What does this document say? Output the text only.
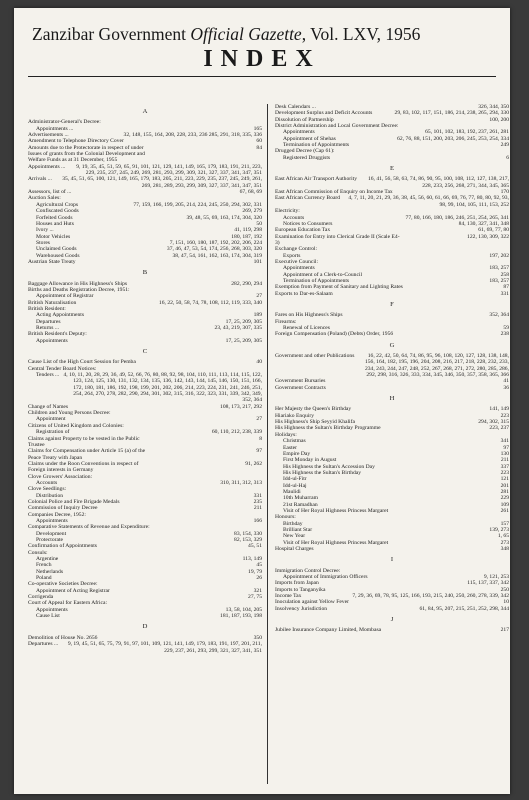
Zanzibar Government Official Gazette, Vol. LXV, 1956
INDEX
A
Administrator-General's Decree:
Appointments ...	165
Advertisements ...	32, 148, 155, 164, 208, 228, 233, 236 285, 291, 318, 335, 336
Amendment to Telephone Directory Cover	60
Amounts due to the Protectorate in respect of under Issues of grants from the Colonial Development and Welfare Funds as at 31 December, 1955
84
Appointments ...	9, 19, 35, 45, 51, 59, 65, 91, 101, 121, 129, 141, 149, 165, 179, 183, 191, 211, 223, 229, 235, 237, 245, 249, 269, 281, 293, 299, 309, 321, 327, 337, 341, 347, 351
Arrivals ...	35, 45, 51, 65, 100, 121, 149, 165, 179, 183, 205, 211, 223, 229, 235, 237, 245, 249, 261, 269, 281, 289, 293, 299, 309, 327, 337, 341, 347, 351
Assessors, list of ...	67, 68, 69
Auction Sales:
Agricultural Crops	77, 159, 166, 199, 205, 214, 224, 245, 250, 294, 302, 331
Confiscated Goods	269, 279
Forfeited Goods	39, 48, 55, 69, 163, 174, 304, 320
Houses and Huts	50
Ivory ...	41, 119, 298
Motor Vehicles	180, 187, 192
Stores	7, 151, 160, 180, 187, 192, 202, 206, 224
Unclaimed Goods	37, 46, 47, 53, 54, 174, 256, 268, 303, 320
Warehoused Goods	38, 47, 54, 161, 162, 163, 174, 304, 319
Austrian State Treaty	101
B
Baggage Allowance in His Highness's Ships	282, 290, 294
Births and Deaths Registration Decree, 1951:
Appointment of Registrar	27
British Naturalisation	16, 22, 50, 58, 74, 78, 108, 112, 119, 333, 340
British Resident:
Acting Appointments	189
Departures	17, 25, 209, 305
Returns ...	23, 43, 219, 307, 335
British Resident's Deputy:
Appointments	17, 25, 209, 305
C
Cause List of the High Court Session for Pemba	40
Central Tender Board Notices:
Tenders ... 4, 10, 11, 20, 28, 29, 36, 49, 52, 66, 76, 80, 88, 92, 98, 104, 110, 111, 113, 114, 115, 122, 123, 124, 125, 130, 131, 132, 134, 135, 136, 142, 143, 144, 145, 146, 150, 151, 166, 172, 180, 181, 186, 192, 198, 199, 201, 202, 206, 214, 223, 224, 231, 241, 246, 251, 254, 264, 270, 278, 282, 290, 294, 301, 302, 315, 316, 322, 323, 331, 339, 342, 349, 352, 364
Change of Names	108, 173, 217, 292
Children and Young Persons Decree:
Appointment	27
Citizens of United Kingdom and Colonies:
Registration of	60, 110, 212, 238, 339
Claims against Property to be vested in the Public Trustee
8
Claims for Compensation under Article 15 (a) of the Peace Treaty with Japan
97
Claims under the Roon Conventions in respect of Foreign interests in Germany
91, 262
Clove Growers' Association:
Accounts	310, 311, 312, 313
Clove Seedlings:
Distribution	331
Colonial Police and Fire Brigade Medals	235
Commission of Inquiry Decree	211
Companies Decree, 1952:
Appointments	166
Comparative Statements of Revenue and Expenditure:
Development	83, 154, 330
Protectorate	82, 153, 329
Confirmation of Appointments	45, 51
Consuls:
Argentine	113, 149
French	45
Netherlands	19, 79
Poland	26
Co-operative Societies Decree:
Appointment of Acting Registrar	321
Corrigenda	27, 75
Court of Appeal for Eastern Africa:
Appointments	13, 58, 104, 205
Cause List	181, 187, 193, 198
D
Demolition of House No. 2656	350
Departures ...	9, 19, 45, 51, 65, 75, 79, 91, 97, 101, 109, 121, 141, 149, 179, 183, 191, 197, 201, 211, 229, 237, 261, 293, 299, 321, 327, 341, 351
Desk Calendars ...	326, 344, 350
Development Surplus and Deficit Accounts	29, 83, 102, 117, 151, 186, 214, 238, 265, 294, 330
Dissolution of Partnership	100, 200
District Administration and Local Government Decree:
Appointments	65, 101, 102, 183, 192, 237, 261, 281
Appointment of Shehas	62, 76, 88, 151, 200, 203, 206, 245, 253, 254, 334
Termination of Appointments	249
Drugged Decree (Cap 61):
Registered Druggists	6
E
East African Air Transport Authority	16, 41, 56, 58, 63, 74, 86, 90, 95, 100, 108, 112, 127, 138, 217, 228, 233, 256, 268, 271, 344, 345, 365
East African Commission of Enquiry on Income Tax	170
East African Currency Board	4, 7, 11, 20, 21, 29, 36, 38, 45, 56, 60, 61, 66, 69, 76, 77, 80, 80, 92, 93, 98, 99, 104, 105, 111, 153, 252
Electricity:
Accounts	77, 80, 166, 180, 186, 246, 251, 254, 265, 341
Notices to Consumers	84, 130, 327, 341, 348
European Education Tax	61, 69, 77, 80
Examination for Entry into Clerical Grade II (Scale E4-3)
122, 130, 309, 322
Exchange Control:
Exports	197, 202
Executive Council:
Appointments	183, 257
Appointment of a Clerk-to-Council	258
Termination of Appointments	183, 257
Exemption from Payment of Sanitary and Lighting Rates	87
Exports to Dar-es-Salaam	331
F
Fares on His Highness's Ships	352, 364
Firearms:
Renewal of Licences	59
Foreign Compensation (Poland) (Debts) Order, 1956	238
G
Government and other Publications	16, 22, 42, 50, 64, 74, 86, 95, 96, 108, 120, 127, 128, 138, 148, 156, 164, 182, 195, 196, 204, 208, 216, 217, 218, 228, 232, 233, 234, 243, 244, 247, 248, 252, 267, 268, 271, 272, 280, 285, 286, 292, 298, 316, 326, 333, 334, 345, 346, 350, 357, 358, 365, 366
Government Bursaries	41
Government Contracts	36
H
Her Majesty the Queen's Birthday	141, 149
Hiariako Enquiry	223
His Highness's Ship Seyyid Khalifa	294, 302, 315
His Highness the Sultan's Birthday Programme	223, 237
Holidays:
Christmas	341
Easter	97
Empire Day	130
First Monday in August	211
His Highness the Sultan's Accession Day	337
His Highness the Sultan's Birthday	223
Idd-ul-Fitr	121
Idd-ul-Haj	201
Maulidi	281
10th Muharram	229
21st Ramadhan	109
Visit of Her Royal Highness Princess Margaret	261
Honours:
Birthday	157
Brilliant Star	139, 273
New Year	1, 65
Visit of Her Royal Highness Princess Margaret	273
Hospital Charges	348
I
Immigration Control Decree:
Appointment of Immigration Officers	9, 121, 253
Imports from Japan	115, 137, 337, 342
Imports to Tanganyika	250
Income Tax	7, 29, 36, 69, 78, 95, 125, 166, 193, 215, 240, 250, 260, 278, 339, 342
Inoculation against Yellow Fever	10
Insolvency Jurisdiction	61, 84, 95, 207, 215, 251, 252, 298, 344
J
Jubilee Insurance Company Limited, Mombasa	217
